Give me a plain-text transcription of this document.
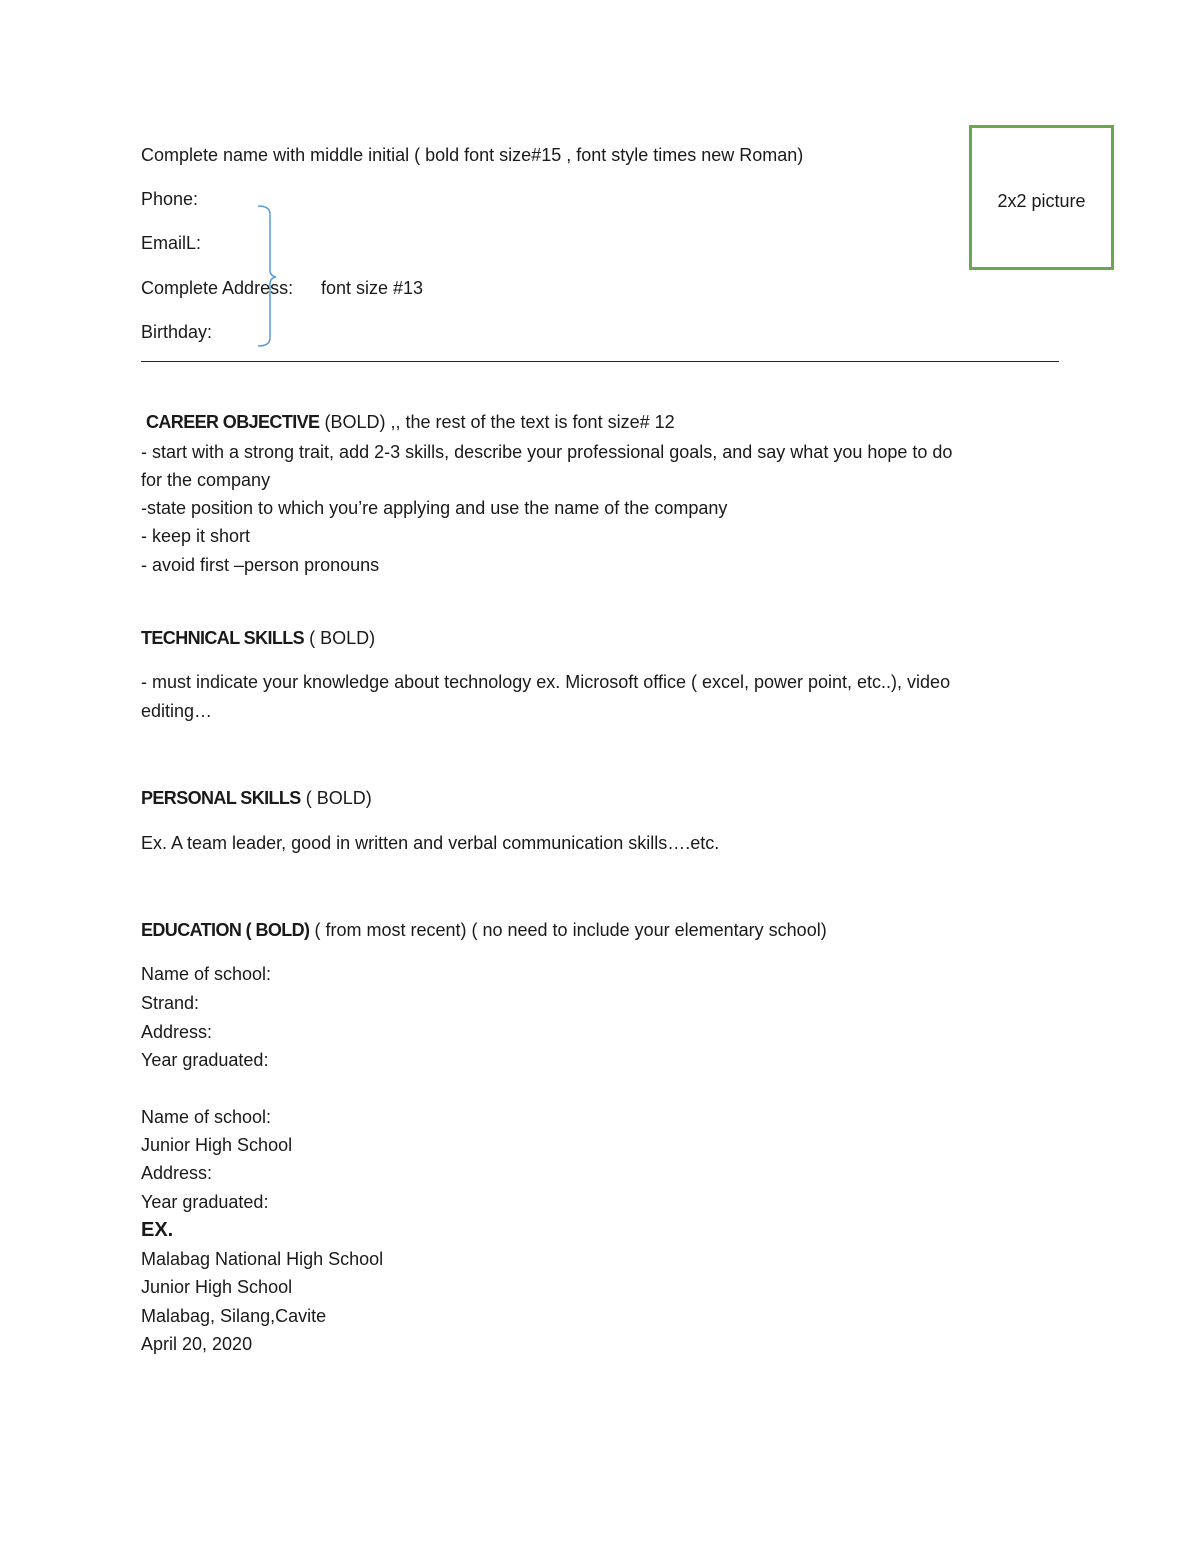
Complete name with middle initial ( bold font size#15 , font style times new Roman)
Phone:
EmailL:
Complete Address: font size #13
Birthday:
2x2 picture
CAREER OBJECTIVE (BOLD) ,, the rest of the text is font size# 12
- start with a strong trait, add 2-3 skills, describe your professional goals, and say what you hope to do
for the company
-state position to which you’re applying and use the name of the company
- keep it short
- avoid first –person pronouns
TECHNICAL SKILLS ( BOLD)
- must indicate your knowledge about technology ex. Microsoft office ( excel, power point, etc..), video
editing…
PERSONAL SKILLS ( BOLD)
Ex. A team leader, good in written and verbal communication skills….etc.
EDUCATION ( BOLD) ( from most recent) ( no need to include your elementary school)
Name of school:
Strand:
Address:
Year graduated:
Name of school:
Junior High School
Address:
Year graduated:
EX.
Malabag National High School
Junior High School
Malabag, Silang,Cavite
April 20, 2020
